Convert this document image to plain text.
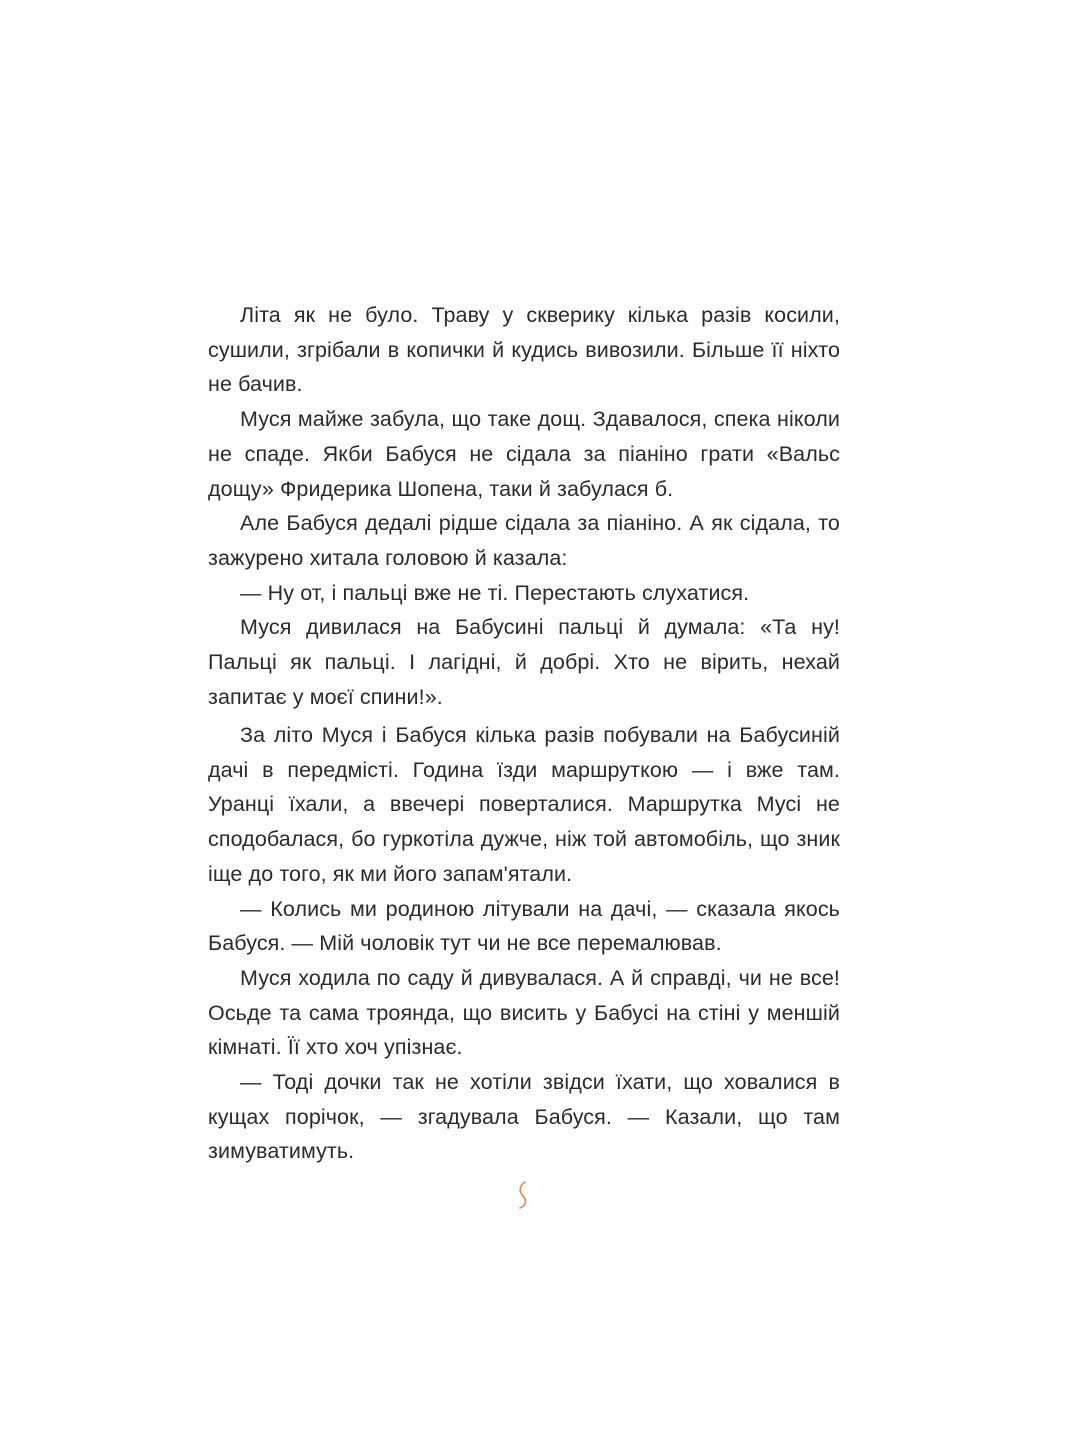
Літа як не було. Траву у скверику кілька разів косили, сушили, згрібали в копички й кудись вивозили. Більше її ніхто не бачив.

Муся майже забула, що таке дощ. Здавалося, спека ніколи не спаде. Якби Бабуся не сідала за піаніно грати «Вальс дощу» Фридерика Шопена, таки й забулася б.

Але Бабуся дедалі рідше сідала за піаніно. А як сідала, то зажурено хитала головою й казала:

— Ну от, і пальці вже не ті. Перестають слухатися.

Муся дивилася на Бабусині пальці й думала: «Та ну! Пальці як пальці. І лагідні, й добрі. Хто не вірить, нехай запитає у моєї спини!».

За літо Муся і Бабуся кілька разів побували на Бабусиній дачі в передмісті. Година їзди маршруткою — і вже там. Уранці їхали, а ввечері поверталися. Маршрутка Мусі не сподобалася, бо гуркотіла дужче, ніж той автомобіль, що зник іще до того, як ми його запам'ятали.

— Колись ми родиною літували на дачі, — сказала якось Бабуся. — Мій чоловік тут чи не все перемалював.

Муся ходила по саду й дивувалася. А й справді, чи не все! Осьде та сама троянда, що висить у Бабусі на стіні у меншій кімнаті. Її хто хоч упізнає.

— Тоді дочки так не хотіли звідси їхати, що ховалися в кущах порічок, — згадувала Бабуся. — Казали, що там зимуватимуть.
